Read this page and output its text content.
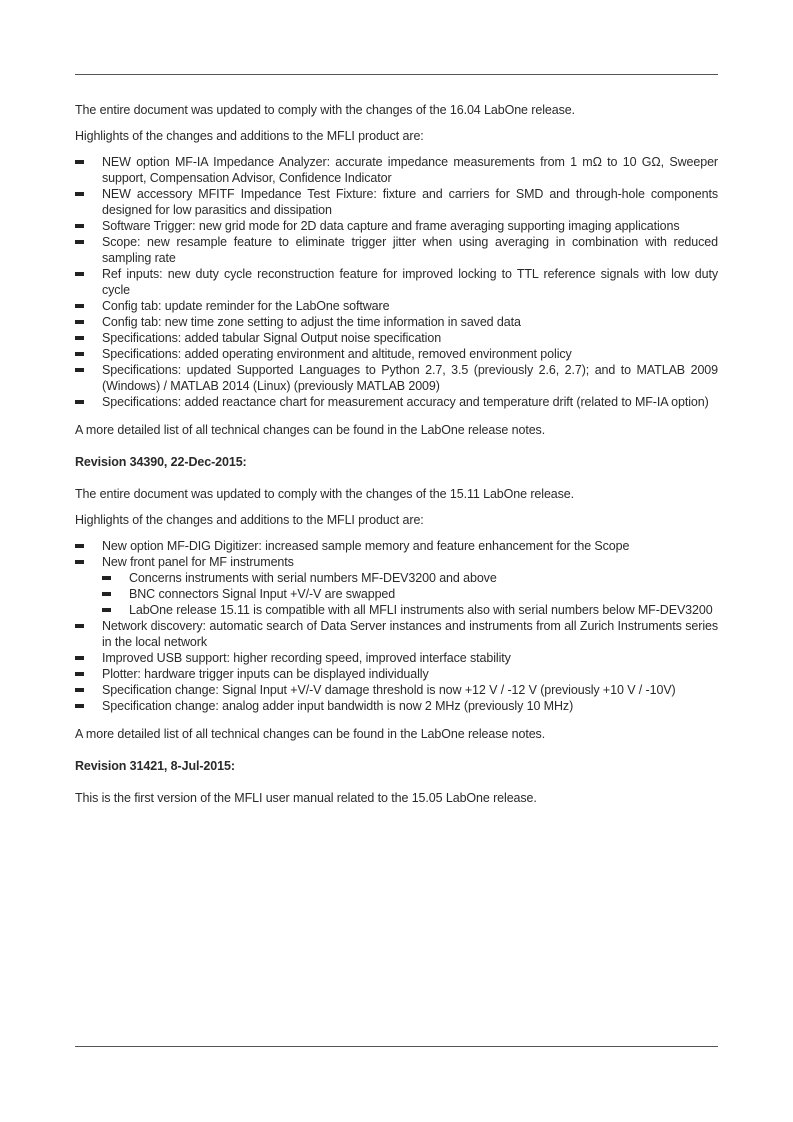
The entire document was updated to comply with the changes of the 16.04 LabOne release.

Highlights of the changes and additions to the MFLI product are:

NEW option MF-IA Impedance Analyzer: accurate impedance measurements from 1 mΩ to 10 GΩ, Sweeper support, Compensation Advisor, Confidence Indicator
NEW accessory MFITF Impedance Test Fixture: fixture and carriers for SMD and through-hole components designed for low parasitics and dissipation
Software Trigger: new grid mode for 2D data capture and frame averaging supporting imaging applications
Scope: new resample feature to eliminate trigger jitter when using averaging in combination with reduced sampling rate
Ref inputs: new duty cycle reconstruction feature for improved locking to TTL reference signals with low duty cycle
Config tab: update reminder for the LabOne software
Config tab: new time zone setting to adjust the time information in saved data
Specifications: added tabular Signal Output noise specification
Specifications: added operating environment and altitude, removed environment policy
Specifications: updated Supported Languages to Python 2.7, 3.5 (previously 2.6, 2.7); and to MATLAB 2009 (Windows) / MATLAB 2014 (Linux) (previously MATLAB 2009)
Specifications: added reactance chart for measurement accuracy and temperature drift (related to MF-IA option)

A more detailed list of all technical changes can be found in the LabOne release notes.

Revision 34390, 22-Dec-2015:

The entire document was updated to comply with the changes of the 15.11 LabOne release.

Highlights of the changes and additions to the MFLI product are:

New option MF-DIG Digitizer: increased sample memory and feature enhancement for the Scope
New front panel for MF instruments
Concerns instruments with serial numbers MF-DEV3200 and above
BNC connectors Signal Input +V/-V are swapped
LabOne release 15.11 is compatible with all MFLI instruments also with serial numbers below MF-DEV3200
Network discovery: automatic search of Data Server instances and instruments from all Zurich Instruments series in the local network
Improved USB support: higher recording speed, improved interface stability
Plotter: hardware trigger inputs can be displayed individually
Specification change: Signal Input +V/-V damage threshold is now +12 V / -12 V (previously +10 V / -10V)
Specification change: analog adder input bandwidth is now 2 MHz (previously 10 MHz)

A more detailed list of all technical changes can be found in the LabOne release notes.

Revision 31421, 8-Jul-2015:

This is the first version of the MFLI user manual related to the 15.05 LabOne release.
